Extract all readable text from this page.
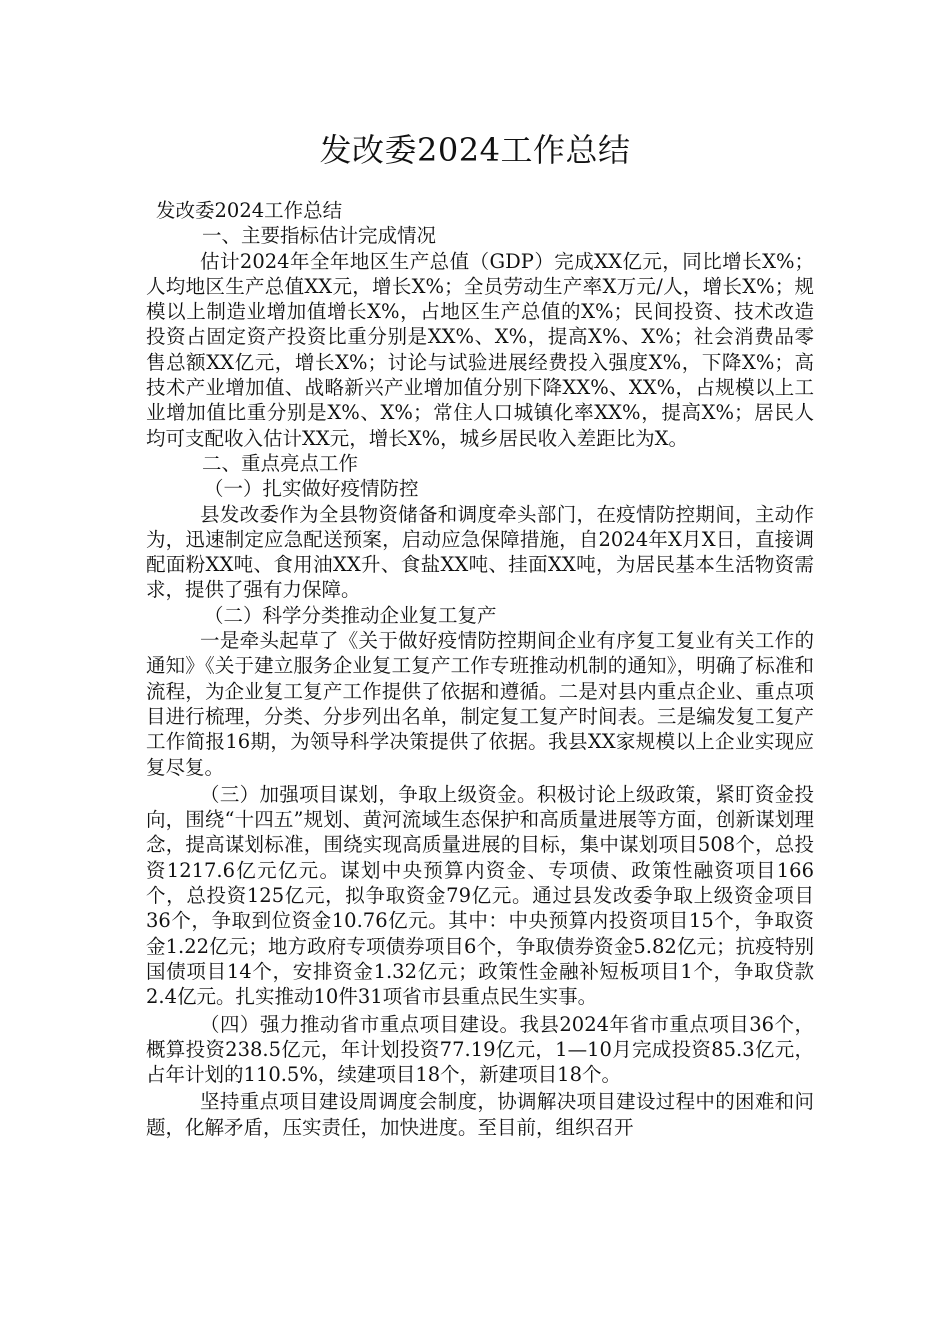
发改委2024工作总结

发改委2024工作总结

一、主要指标估计完成情况

估计2024年全年地区生产总值（GDP）完成XX亿元，同比增长X%；人均地区生产总值XX元，增长X%；全员劳动生产率X万元/人，增长X%；规模以上制造业增加值增长X%，占地区生产总值的X%；民间投资、技术改造投资占固定资产投资比重分别是XX%、X%，提高X%、X%；社会消费品零售总额XX亿元，增长X%；讨论与试验进展经费投入强度X%，下降X%；高技术产业增加值、战略新兴产业增加值分别下降XX%、XX%，占规模以上工业增加值比重分别是X%、X%；常住人口城镇化率XX%，提高X%；居民人均可支配收入估计XX元，增长X%，城乡居民收入差距比为X。

二、重点亮点工作

（一）扎实做好疫情防控

县发改委作为全县物资储备和调度牵头部门，在疫情防控期间，主动作为，迅速制定应急配送预案，启动应急保障措施，自2024年X月X日，直接调配面粉XX吨、食用油XX升、食盐XX吨、挂面XX吨，为居民基本生活物资需求，提供了强有力保障。

（二）科学分类推动企业复工复产

一是牵头起草了《关于做好疫情防控期间企业有序复工复业有关工作的通知》《关于建立服务企业复工复产工作专班推动机制的通知》，明确了标准和流程，为企业复工复产工作提供了依据和遵循。二是对县内重点企业、重点项目进行梳理，分类、分步列出名单，制定复工复产时间表。三是编发复工复产工作简报16期，为领导科学决策提供了依据。我县XX家规模以上企业实现应复尽复。

（三）加强项目谋划，争取上级资金。积极讨论上级政策，紧盯资金投向，围绕“十四五”规划、黄河流域生态保护和高质量进展等方面，创新谋划理念，提高谋划标准，围绕实现高质量进展的目标，集中谋划项目508个，总投资1217.6亿元亿元。谋划中央预算内资金、专项债、政策性融资项目166个，总投资125亿元，拟争取资金79亿元。通过县发改委争取上级资金项目36个，争取到位资金10.76亿元。其中：中央预算内投资项目15个，争取资金1.22亿元；地方政府专项债券项目6个，争取债券资金5.82亿元；抗疫特别国债项目14个，安排资金1.32亿元；政策性金融补短板项目1个，争取贷款2.4亿元。扎实推动10件31项省市县重点民生实事。

（四）强力推动省市重点项目建设。我县2024年省市重点项目36个，概算投资238.5亿元，年计划投资77.19亿元，1—10月完成投资85.3亿元，占年计划的110.5%，续建项目18个，新建项目18个。

坚持重点项目建设周调度会制度，协调解决项目建设过程中的困难和问题，化解矛盾，压实责任，加快进度。至目前，组织召开
